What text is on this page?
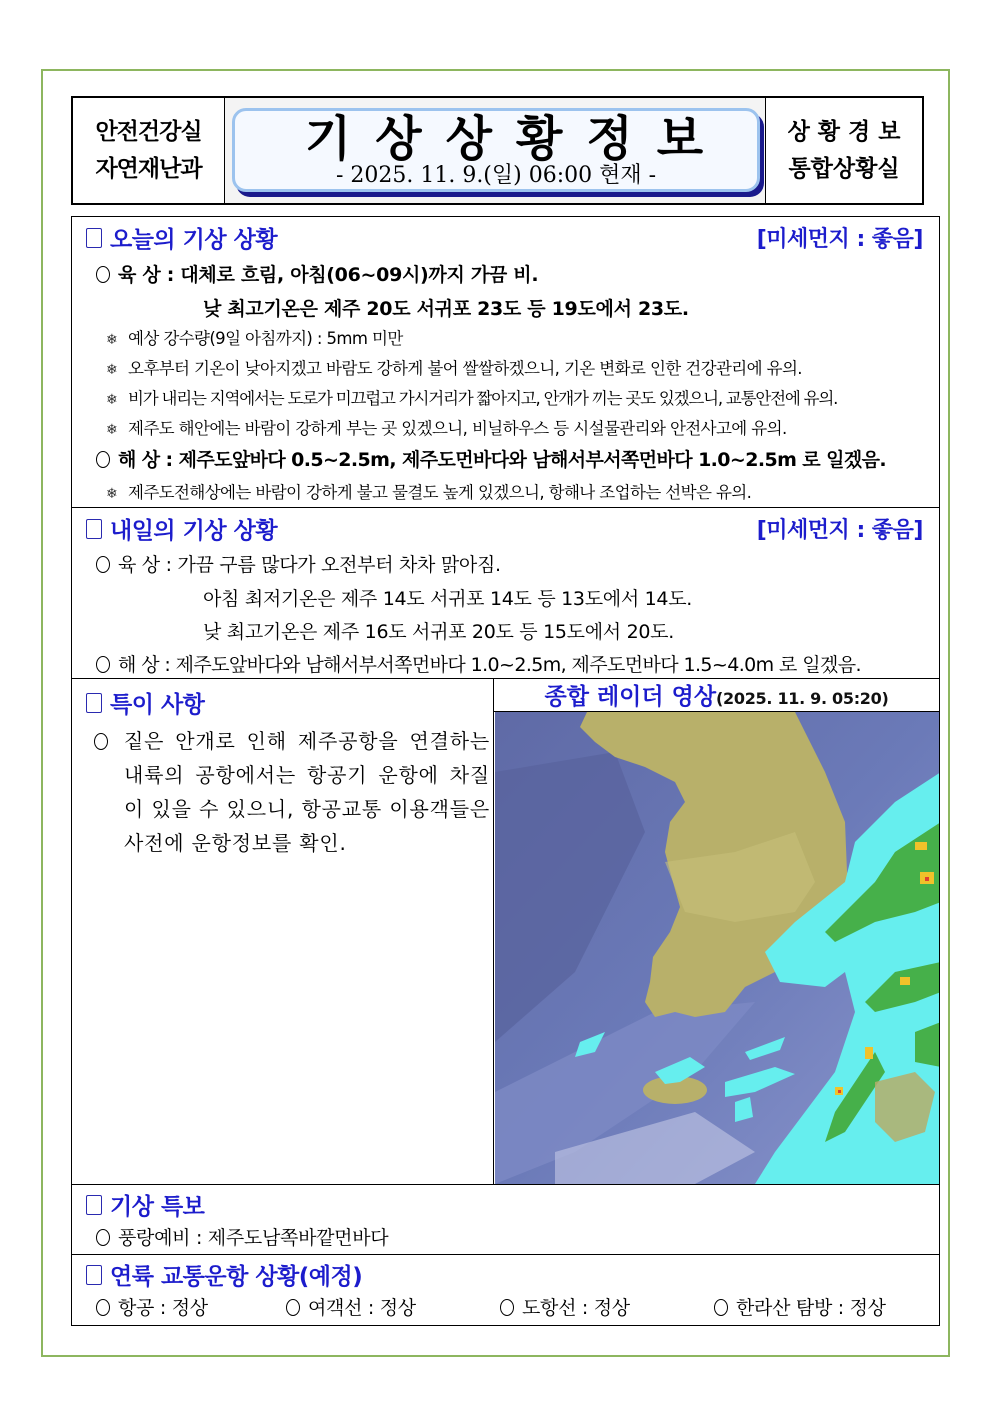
안전건강실
자연재난과
기상상황정보
- 2025. 11. 9.(일) 06:00 현재 -
상황경보
통합상황실
오늘의 기상 상황	[미세먼지 : 좋음]
육 상 : 대체로 흐림, 아침(06~09시)까지 가끔 비.
낮 최고기온은 제주 20도 서귀포 23도 등 19도에서 23도.
❄ 예상 강수량(9일 아침까지) : 5mm 미만
❄ 오후부터 기온이 낮아지겠고 바람도 강하게 불어 쌀쌀하겠으니, 기온 변화로 인한 건강관리에 유의.
❄ 비가 내리는 지역에서는 도로가 미끄럽고 가시거리가 짧아지고, 안개가 끼는 곳도 있겠으니, 교통안전에 유의.
❄ 제주도 해안에는 바람이 강하게 부는 곳 있겠으니, 비닐하우스 등 시설물관리와 안전사고에 유의.
해 상 : 제주도앞바다 0.5~2.5m, 제주도먼바다와 남해서부서쪽먼바다 1.0~2.5m 로 일겠음.
❄ 제주도전해상에는 바람이 강하게 불고 물결도 높게 있겠으니, 항해나 조업하는 선박은 유의.
내일의 기상 상황	[미세먼지 : 좋음]
육 상 : 가끔 구름 많다가 오전부터 차차 맑아짐.
아침 최저기온은 제주 14도 서귀포 14도 등 13도에서 14도.
낮 최고기온은 제주 16도 서귀포 20도 등 15도에서 20도.
해 상 : 제주도앞바다와 남해서부서쪽먼바다 1.0~2.5m, 제주도먼바다 1.5~4.0m 로 일겠음.
특이 사항
짙은 안개로 인해 제주공항을 연결하는 내륙의 공항에서는 항공기 운항에 차질이 있을 수 있으니, 항공교통 이용객들은 사전에 운항정보를 확인.
종합 레이더 영상(2025. 11. 9. 05:20)
기상 특보
풍랑예비 : 제주도남쪽바깥먼바다
연륙 교통운항 상황(예정)
항공 : 정상	여객선 : 정상	도항선 : 정상	한라산 탐방 : 정상
